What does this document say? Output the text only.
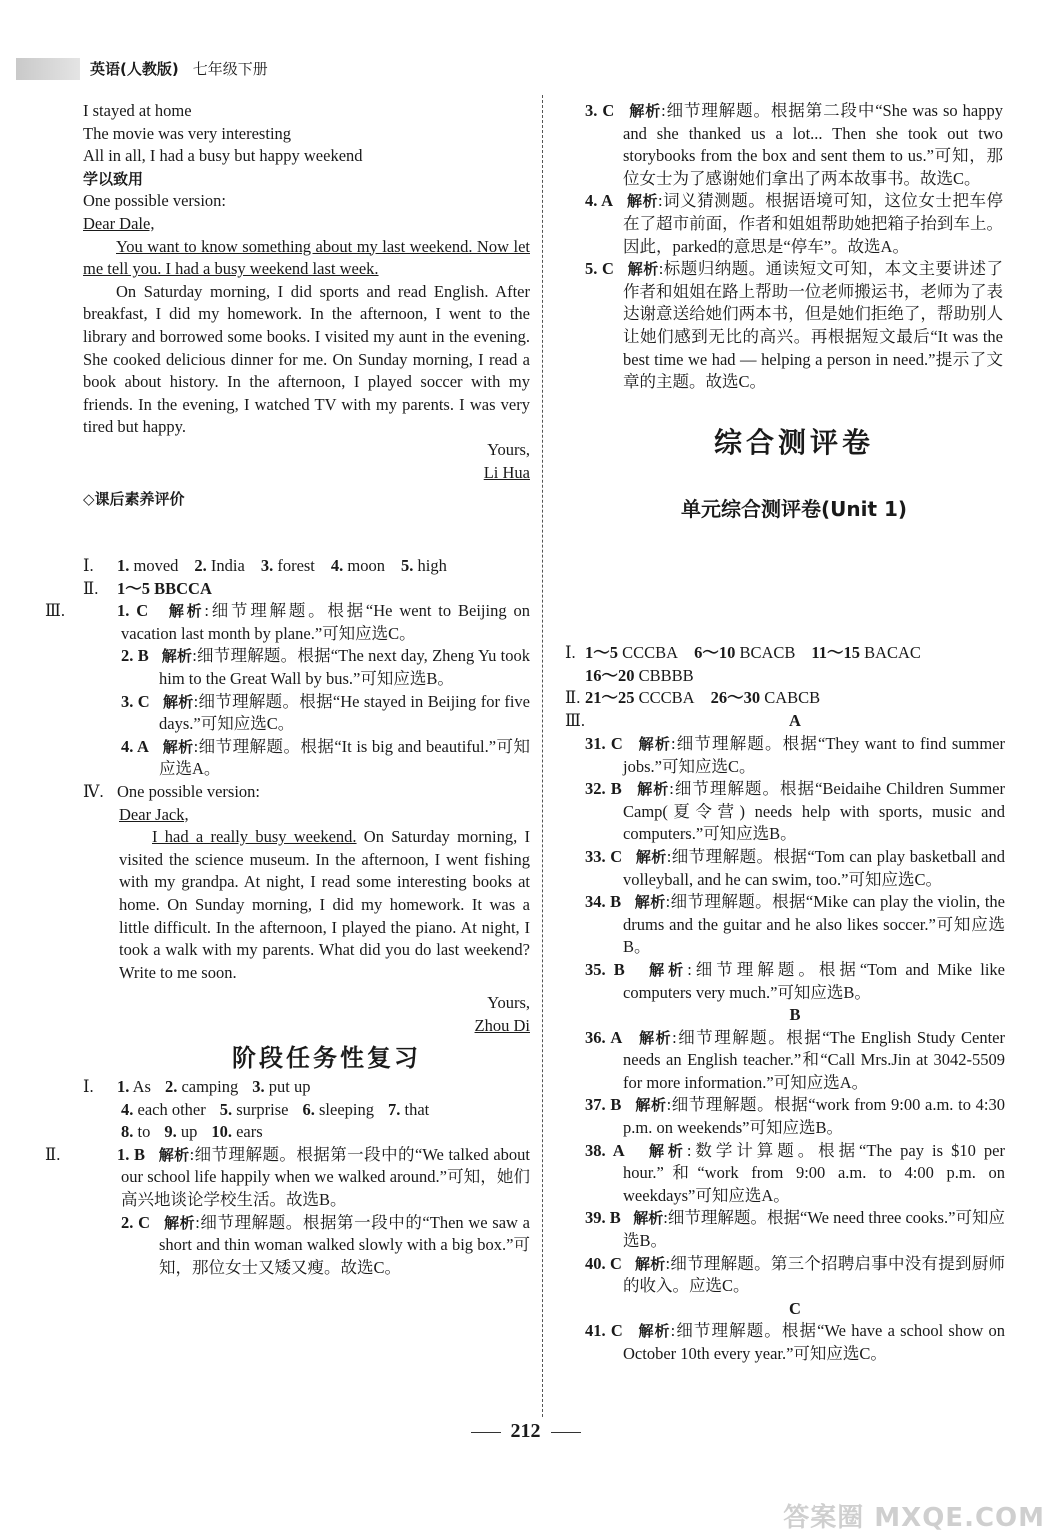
英语(人教版) 七年级下册
I stayed at home
The movie was very interesting
All in all, I had a busy but happy weekend
学以致用
One possible version:
Dear Dale,
You want to know something about my last weekend. Now let me tell you. I had a busy weekend last week.
On Saturday morning, I did sports and read English. After breakfast, I did my homework. In the afternoon, I went to the library and borrowed some books. I visited my aunt in the evening. She cooked delicious dinner for me. On Sunday morning, I read a book about history. In the afternoon, I played soccer with my friends. In the evening, I watched TV with my parents. I was very tired but happy.
Yours,
Li Hua
◇课后素养评价
Ⅰ. 1. moved 2. India 3. forest 4. moon 5. high
Ⅱ. 1～5 BBCCA
Ⅲ.	1. C 解析:细节理解题。根据“He went to Beijing on vacation last month by plane.”可知应选C。
2. B 解析:细节理解题。根据“The next day, Zheng Yu took him to the Great Wall by bus.”可知应选B。
3. C 解析:细节理解题。根据“He stayed in Beijing for five days.”可知应选C。
4. A 解析:细节理解题。根据“It is big and beautiful.”可知应选A。
Ⅳ. One possible version:
Dear Jack,
I had a really busy weekend. On Saturday morning, I visited the science museum. In the afternoon, I went fishing with my grandpa. At night, I read some interesting books at home. On Sunday morning, I did my homework. It was a little difficult. In the afternoon, I played the piano. At night, I took a walk with my parents. What did you do last weekend? Write to me soon.
Yours,
Zhou Di
阶段任务性复习
Ⅰ. 1. As 2. camping 3. put up
4. each other 5. surprise 6. sleeping 7. that
8. to 9. up 10. ears
Ⅱ.	1. B 解析:细节理解题。根据第一段中的“We talked about our school life happily when we walked around.”可知，她们高兴地谈论学校生活。故选B。
2. C 解析:细节理解题。根据第一段中的“Then we saw a short and thin woman walked slowly with a big box.”可知，那位女士又矮又瘦。故选C。
3. C 解析:细节理解题。根据第二段中“She was so happy and she thanked us a lot... Then she took out two storybooks from the box and sent them to us.”可知，那位女士为了感谢她们拿出了两本故事书。故选C。
4. A 解析:词义猜测题。根据语境可知，这位女士把车停在了超市前面，作者和姐姐帮助她把箱子抬到车上。因此，parked的意思是“停车”。故选A。
5. C 解析:标题归纳题。通读短文可知，本文主要讲述了作者和姐姐在路上帮助一位老师搬运书，老师为了表达谢意送给她们两本书，但是她们拒绝了，帮助别人让她们感到无比的高兴。再根据短文最后“It was the best time we had — helping a person in need.”提示了文章的主题。故选C。
综合测评卷
单元综合测评卷(Unit 1)
Ⅰ. 1～5 CCCBA 6～10 BCACB 11～15 BACAC
16～20 CBBBB
Ⅱ. 21～25 CCCBA 26～30 CABCB
Ⅲ.	A
31. C 解析:细节理解题。根据“They want to find summer jobs.”可知应选C。
32. B 解析:细节理解题。根据“Beidaihe Children Summer Camp(夏令营) needs help with sports, music and computers.”可知应选B。
33. C 解析:细节理解题。根据“Tom can play basketball and volleyball, and he can swim, too.”可知应选C。
34. B 解析:细节理解题。根据“Mike can play the violin, the drums and the guitar and he also likes soccer.”可知应选B。
35. B 解析:细节理解题。根据“Tom and Mike like computers very much.”可知应选B。
B
36. A 解析:细节理解题。根据“The English Study Center needs an English teacher.”和“Call Mrs.Jin at 3042-5509 for more information.”可知应选A。
37. B 解析:细节理解题。根据“work from 9:00 a.m. to 4:30 p.m. on weekends”可知应选B。
38. A 解析:数学计算题。根据“The pay is $10 per hour.”和“work from 9:00 a.m. to 4:00 p.m. on weekdays”可知应选A。
39. B 解析:细节理解题。根据“We need three cooks.”可知应选B。
40. C 解析:细节理解题。第三个招聘启事中没有提到厨师的收入。应选C。
C
41. C 解析:细节理解题。根据“We have a school show on October 10th every year.”可知应选C。
212
答案圈 MXQE.COM
